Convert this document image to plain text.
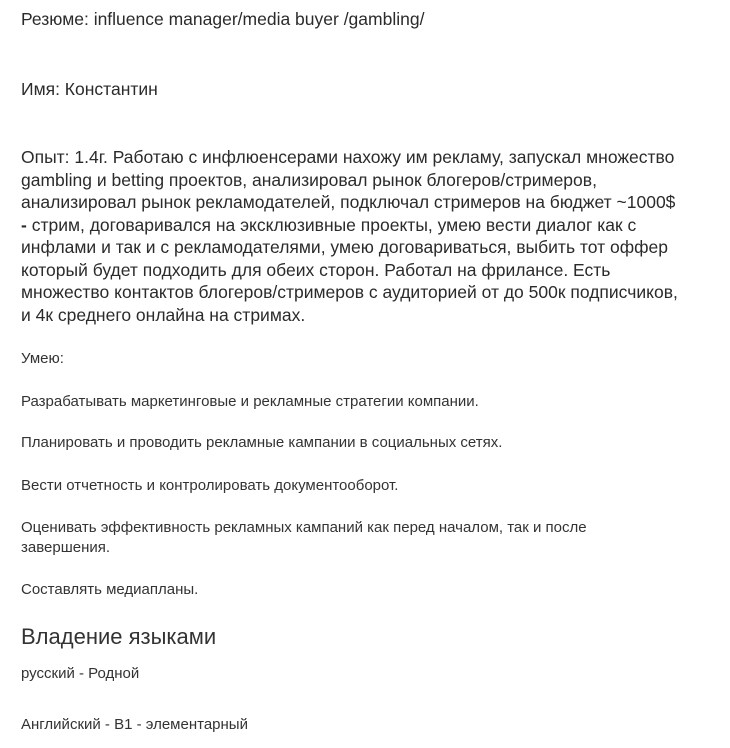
Резюме: influence manager/media buyer /gambling/

Имя: Константин

Опыт: 1.4г. Работаю с инфлюенсерами нахожу им рекламу, запускал множество
gambling и betting проектов, анализировал рынок блогеров/стримеров,
анализировал рынок рекламодателей, подключал стримеров на бюджет ~1000$
- стрим, договаривался на эксклюзивные проекты, умею вести диалог как с
инфлами и так и с рекламодателями, умею договариваться, выбить тот оффер
который будет подходить для обеих сторон. Работал на фрилансе. Есть
множество контактов блогеров/стримеров с аудиторией от до 500к подписчиков,
и 4к среднего онлайна на стримах.

Умею:

Разрабатывать маркетинговые и рекламные стратегии компании.

Планировать и проводить рекламные кампании в социальных сетях.

Вести отчетность и контролировать документооборот.

Оценивать эффективность рекламных кампаний как перед началом, так и после
завершения.

Составлять медиапланы.

Владение языками

русский - Родной

Английский - B1 - элементарный
